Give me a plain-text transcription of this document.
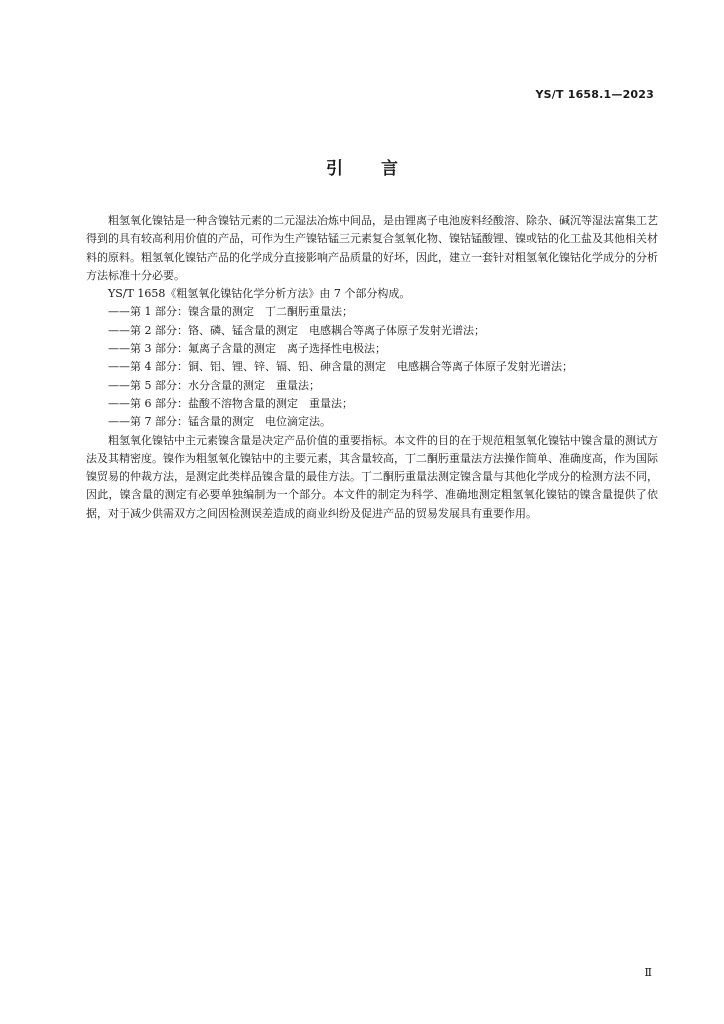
YS/T 1658.1—2023
引言

粗氢氧化镍钴是一种含镍钴元素的二元湿法冶炼中间品，是由锂离子电池废料经酸溶、除杂、碱沉等湿法富集工艺得到的具有较高利用价值的产品，可作为生产镍钴锰三元素复合氢氧化物、镍钴锰酸锂、镍或钴的化工盐及其他相关材料的原料。粗氢氧化镍钴产品的化学成分直接影响产品质量的好坏，因此，建立一套针对粗氢氧化镍钴化学成分的分析方法标准十分必要。

YS/T 1658《粗氢氧化镍钴化学分析方法》由 7 个部分构成。

——第 1 部分：镍含量的测定　丁二酮肟重量法；

——第 2 部分：铬、磷、锰含量的测定　电感耦合等离子体原子发射光谱法；

——第 3 部分：氟离子含量的测定　离子选择性电极法；

——第 4 部分：铜、铝、锂、锌、镉、铅、砷含量的测定　电感耦合等离子体原子发射光谱法；

——第 5 部分：水分含量的测定　重量法；

——第 6 部分：盐酸不溶物含量的测定　重量法；

——第 7 部分：锰含量的测定　电位滴定法。

粗氢氧化镍钴中主元素镍含量是决定产品价值的重要指标。本文件的目的在于规范粗氢氧化镍钴中镍含量的测试方法及其精密度。镍作为粗氢氧化镍钴中的主要元素，其含量较高，丁二酮肟重量法方法操作简单、准确度高，作为国际镍贸易的仲裁方法，是测定此类样品镍含量的最佳方法。丁二酮肟重量法测定镍含量与其他化学成分的检测方法不同，因此，镍含量的测定有必要单独编制为一个部分。本文件的制定为科学、准确地测定粗氢氧化镍钴的镍含量提供了依据，对于减少供需双方之间因检测误差造成的商业纠纷及促进产品的贸易发展具有重要作用。

Ⅱ
